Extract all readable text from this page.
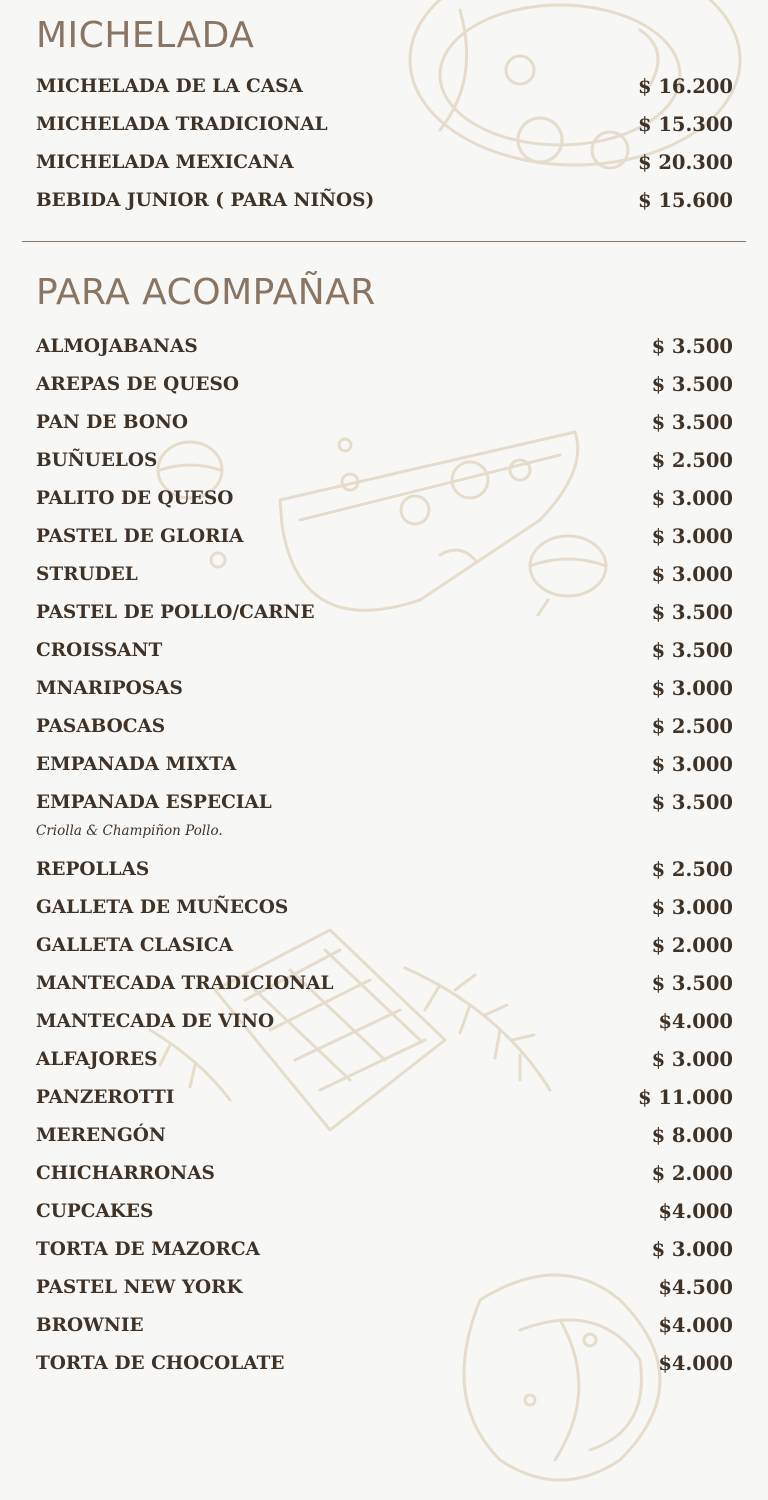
MICHELADA
MICHELADA DE LA CASA	$ 16.200
MICHELADA TRADICIONAL	$ 15.300
MICHELADA MEXICANA	$ 20.300
BEBIDA JUNIOR ( PARA NIÑOS)	$ 15.600
PARA ACOMPAÑAR
ALMOJABANAS	$ 3.500
AREPAS DE QUESO	$ 3.500
PAN DE BONO	$ 3.500
BUÑUELOS	$ 2.500
PALITO DE QUESO	$ 3.000
PASTEL DE GLORIA	$ 3.000
STRUDEL	$ 3.000
PASTEL DE POLLO/CARNE	$ 3.500
CROISSANT	$ 3.500
MNARIPOSAS	$ 3.000
PASABOCAS	$ 2.500
EMPANADA MIXTA	$ 3.000
EMPANADA ESPECIAL	$ 3.500
Criolla & Champiñon Pollo.
REPOLLAS	$ 2.500
GALLETA DE MUÑECOS	$ 3.000
GALLETA CLASICA	$ 2.000
MANTECADA TRADICIONAL	$ 3.500
MANTECADA DE VINO	$4.000
ALFAJORES	$ 3.000
PANZEROTTI	$ 11.000
MERENGÓN	$ 8.000
CHICHARRONAS	$ 2.000
CUPCAKES	$4.000
TORTA DE MAZORCA	$ 3.000
PASTEL NEW YORK	$4.500
BROWNIE	$4.000
TORTA DE CHOCOLATE	$4.000
